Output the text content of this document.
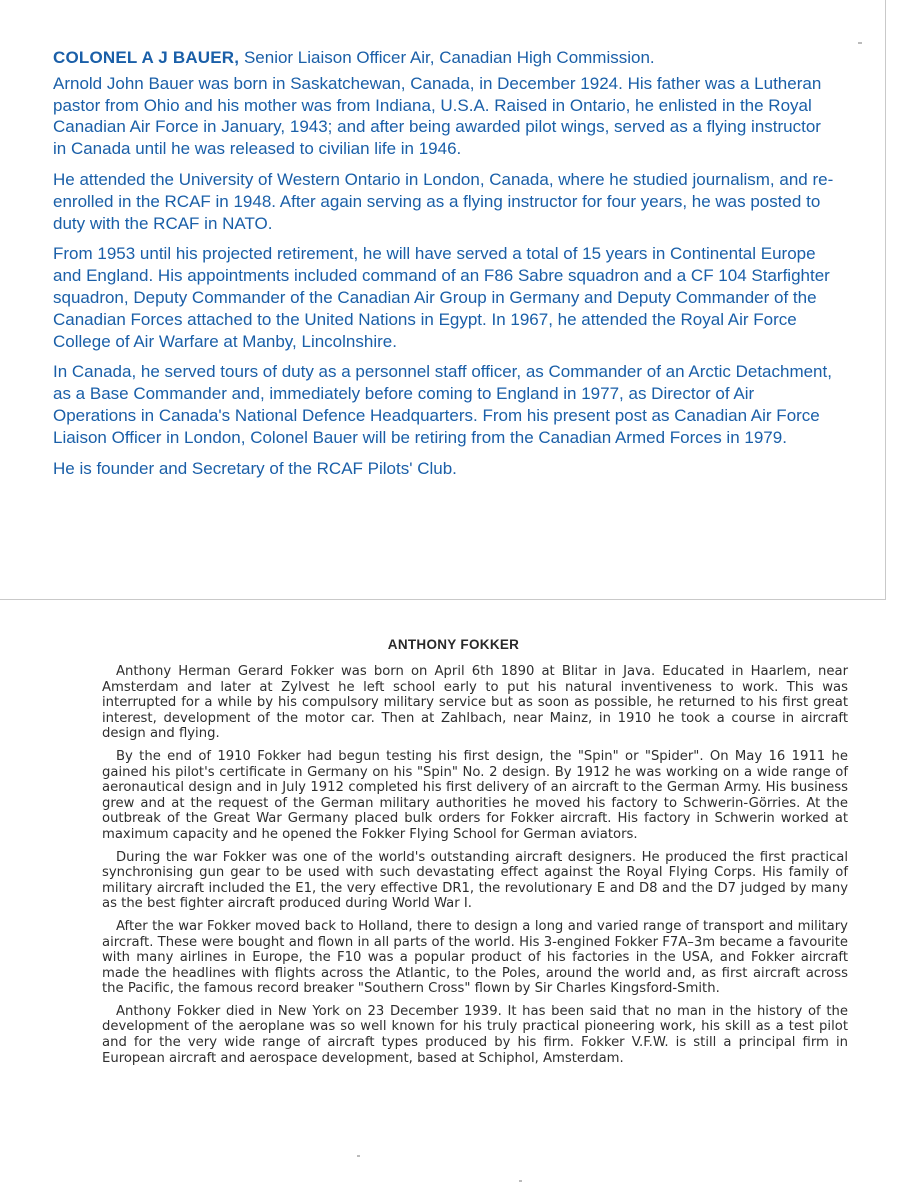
COLONEL A J BAUER, Senior Liaison Officer Air, Canadian High Commission.

Arnold John Bauer was born in Saskatchewan, Canada, in December 1924. His father was a Lutheran pastor from Ohio and his mother was from Indiana, U.S.A. Raised in Ontario, he enlisted in the Royal Canadian Air Force in January, 1943; and after being awarded pilot wings, served as a flying instructor in Canada until he was released to civilian life in 1946.

He attended the University of Western Ontario in London, Canada, where he studied journalism, and re-enrolled in the RCAF in 1948. After again serving as a flying instructor for four years, he was posted to duty with the RCAF in NATO.

From 1953 until his projected retirement, he will have served a total of 15 years in Continental Europe and England. His appointments included command of an F86 Sabre squadron and a CF 104 Starfighter squadron, Deputy Commander of the Canadian Air Group in Germany and Deputy Commander of the Canadian Forces attached to the United Nations in Egypt. In 1967, he attended the Royal Air Force College of Air Warfare at Manby, Lincolnshire.

In Canada, he served tours of duty as a personnel staff officer, as Commander of an Arctic Detachment, as a Base Commander and, immediately before coming to England in 1977, as Director of Air Operations in Canada's National Defence Headquarters. From his present post as Canadian Air Force Liaison Officer in London, Colonel Bauer will be retiring from the Canadian Armed Forces in 1979.

He is founder and Secretary of the RCAF Pilots' Club.

ANTHONY FOKKER

Anthony Herman Gerard Fokker was born on April 6th 1890 at Blitar in Java. Educated in Haarlem, near Amsterdam and later at Zylvest he left school early to put his natural inventiveness to work. This was interrupted for a while by his compulsory military service but as soon as possible, he returned to his first great interest, development of the motor car. Then at Zahlbach, near Mainz, in 1910 he took a course in aircraft design and flying.

By the end of 1910 Fokker had begun testing his first design, the "Spin" or "Spider". On May 16 1911 he gained his pilot's certificate in Germany on his "Spin" No. 2 design. By 1912 he was working on a wide range of aeronautical design and in July 1912 completed his first delivery of an aircraft to the German Army. His business grew and at the request of the German military authorities he moved his factory to Schwerin-Görries. At the outbreak of the Great War Germany placed bulk orders for Fokker aircraft. His factory in Schwerin worked at maximum capacity and he opened the Fokker Flying School for German aviators.

During the war Fokker was one of the world's outstanding aircraft designers. He produced the first practical synchronising gun gear to be used with such devastating effect against the Royal Flying Corps. His family of military aircraft included the E1, the very effective DR1, the revolutionary E and D8 and the D7 judged by many as the best fighter aircraft produced during World War I.

After the war Fokker moved back to Holland, there to design a long and varied range of transport and military aircraft. These were bought and flown in all parts of the world. His 3-engined Fokker F7A–3m became a favourite with many airlines in Europe, the F10 was a popular product of his factories in the USA, and Fokker aircraft made the headlines with flights across the Atlantic, to the Poles, around the world and, as first aircraft across the Pacific, the famous record breaker "Southern Cross" flown by Sir Charles Kingsford-Smith.

Anthony Fokker died in New York on 23 December 1939. It has been said that no man in the history of the development of the aeroplane was so well known for his truly practical pioneering work, his skill as a test pilot and for the very wide range of aircraft types produced by his firm. Fokker V.F.W. is still a principal firm in European aircraft and aerospace development, based at Schiphol, Amsterdam.
